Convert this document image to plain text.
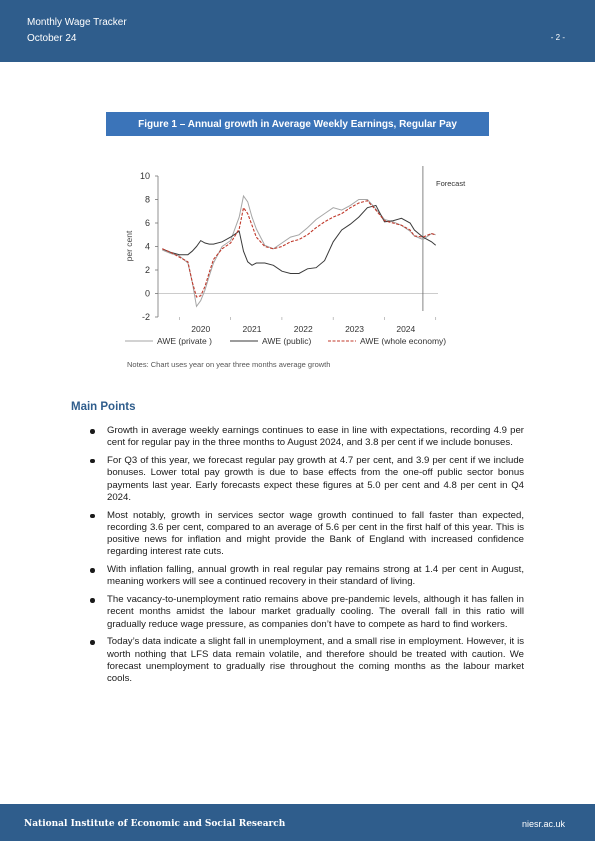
Monthly Wage Tracker
October 24	- 2 -
Figure 1 – Annual growth in Average Weekly Earnings, Regular Pay
-2
0
2
4
6
8
10
2020	2021	2022	2023	2024
AWE (private )	AWE (public)	AWE (whole economy)
per cent
Forecast
Notes: Chart uses year on year three months average growth
Main Points
Growth in average weekly earnings continues to ease in line with expectations, recording 4.9 per cent for regular pay in the three months to August 2024, and 3.8 per cent if we include bonuses.
For Q3 of this year, we forecast regular pay growth at 4.7 per cent, and 3.9 per cent if we include bonuses. Lower total pay growth is due to base effects from the one-off public sector bonus payments last year. Early forecasts expect these figures at 5.0 per cent and 4.8 per cent in Q4 2024.
Most notably, growth in services sector wage growth continued to fall faster than expected, recording 3.6 per cent, compared to an average of 5.6 per cent in the first half of this year. This is positive news for inflation and might provide the Bank of England with increased confidence regarding interest rate cuts.
With inflation falling, annual growth in real regular pay remains strong at 1.4 per cent in August, meaning workers will see a continued recovery in their standard of living.
The vacancy-to-unemployment ratio remains above pre-pandemic levels, although it has fallen in recent months amidst the labour market gradually cooling. The overall fall in this ratio will gradually reduce wage pressure, as companies don’t have to compete as hard to find workers.
Today’s data indicate a slight fall in unemployment, and a small rise in employment. However, it is worth nothing that LFS data remain volatile, and therefore should be treated with caution. We forecast unemployment to gradually rise throughout the coming months as the labour market cools.
National Institute of Economic and Social Research	niesr.ac.uk
